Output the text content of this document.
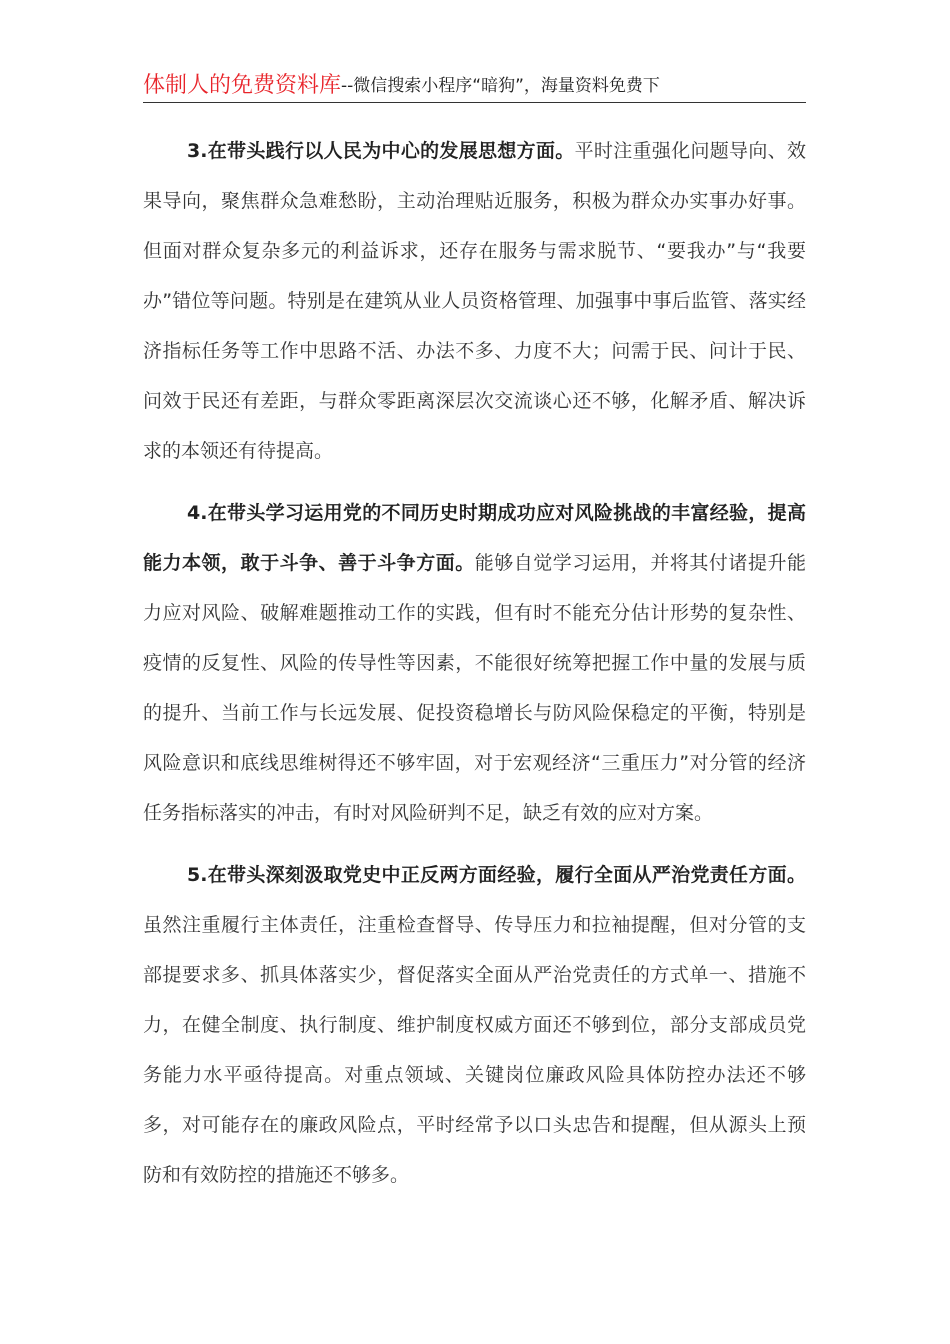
体制人的免费资料库--微信搜索小程序“暗狗”，海量资料免费下

3.在带头践行以人民为中心的发展思想方面。平时注重强化问题导向、效果导向，聚焦群众急难愁盼，主动治理贴近服务，积极为群众办实事办好事。但面对群众复杂多元的利益诉求，还存在服务与需求脱节、“要我办”与“我要办”错位等问题。特别是在建筑从业人员资格管理、加强事中事后监管、落实经济指标任务等工作中思路不活、办法不多、力度不大；问需于民、问计于民、问效于民还有差距，与群众零距离深层次交流谈心还不够，化解矛盾、解决诉求的本领还有待提高。

4.在带头学习运用党的不同历史时期成功应对风险挑战的丰富经验，提高能力本领，敢于斗争、善于斗争方面。能够自觉学习运用，并将其付诸提升能力应对风险、破解难题推动工作的实践，但有时不能充分估计形势的复杂性、疫情的反复性、风险的传导性等因素，不能很好统筹把握工作中量的发展与质的提升、当前工作与长远发展、促投资稳增长与防风险保稳定的平衡，特别是风险意识和底线思维树得还不够牢固，对于宏观经济“三重压力”对分管的经济任务指标落实的冲击，有时对风险研判不足，缺乏有效的应对方案。

5.在带头深刻汲取党史中正反两方面经验，履行全面从严治党责任方面。虽然注重履行主体责任，注重检查督导、传导压力和拉袖提醒，但对分管的支部提要求多、抓具体落实少，督促落实全面从严治党责任的方式单一、措施不力，在健全制度、执行制度、维护制度权威方面还不够到位，部分支部成员党务能力水平亟待提高。对重点领域、关键岗位廉政风险具体防控办法还不够多，对可能存在的廉政风险点，平时经常予以口头忠告和提醒，但从源头上预防和有效防控的措施还不够多。
